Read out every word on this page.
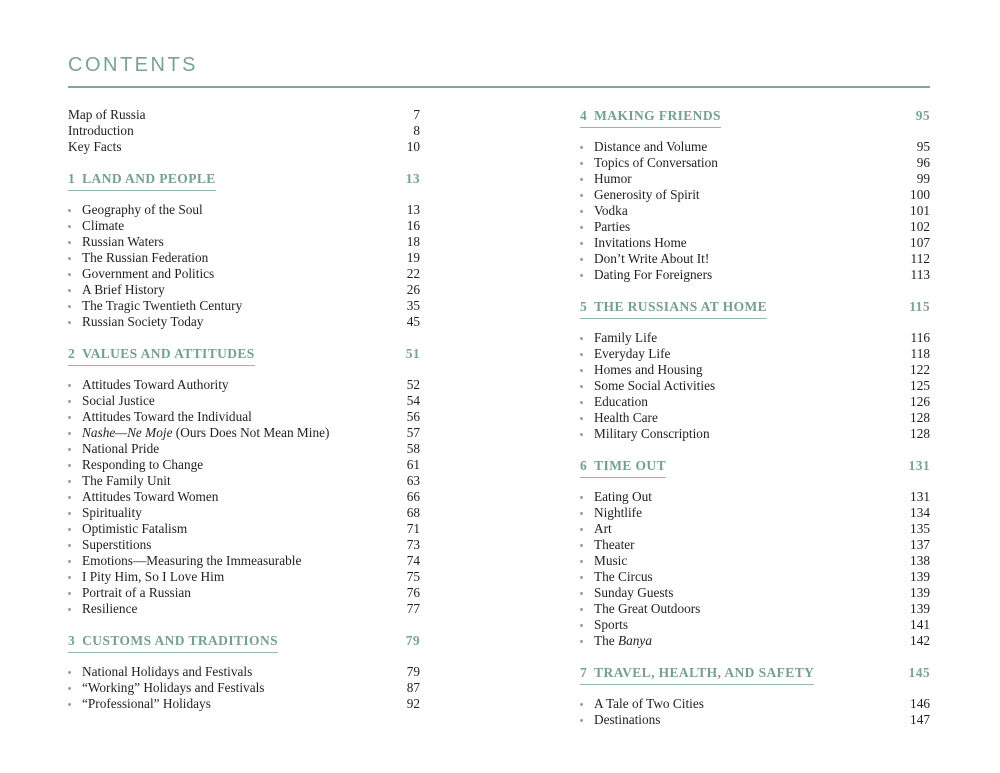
CONTENTS
Map of Russia	7
Introduction	8
Key Facts	10
1 LAND AND PEOPLE	13
Geography of the Soul	13
Climate	16
Russian Waters	18
The Russian Federation	19
Government and Politics	22
A Brief History	26
The Tragic Twentieth Century	35
Russian Society Today	45
2 VALUES AND ATTITUDES	51
Attitudes Toward Authority	52
Social Justice	54
Attitudes Toward the Individual	56
Nashe—Ne Moje (Ours Does Not Mean Mine)	57
National Pride	58
Responding to Change	61
The Family Unit	63
Attitudes Toward Women	66
Spirituality	68
Optimistic Fatalism	71
Superstitions	73
Emotions—Measuring the Immeasurable	74
I Pity Him, So I Love Him	75
Portrait of a Russian	76
Resilience	77
3 CUSTOMS AND TRADITIONS	79
National Holidays and Festivals	79
“Working” Holidays and Festivals	87
“Professional” Holidays	92
4 MAKING FRIENDS	95
Distance and Volume	95
Topics of Conversation	96
Humor	99
Generosity of Spirit	100
Vodka	101
Parties	102
Invitations Home	107
Don’t Write About It!	112
Dating For Foreigners	113
5 THE RUSSIANS AT HOME	115
Family Life	116
Everyday Life	118
Homes and Housing	122
Some Social Activities	125
Education	126
Health Care	128
Military Conscription	128
6 TIME OUT	131
Eating Out	131
Nightlife	134
Art	135
Theater	137
Music	138
The Circus	139
Sunday Guests	139
The Great Outdoors	139
Sports	141
The Banya	142
7 TRAVEL, HEALTH, AND SAFETY	145
A Tale of Two Cities	146
Destinations	147
